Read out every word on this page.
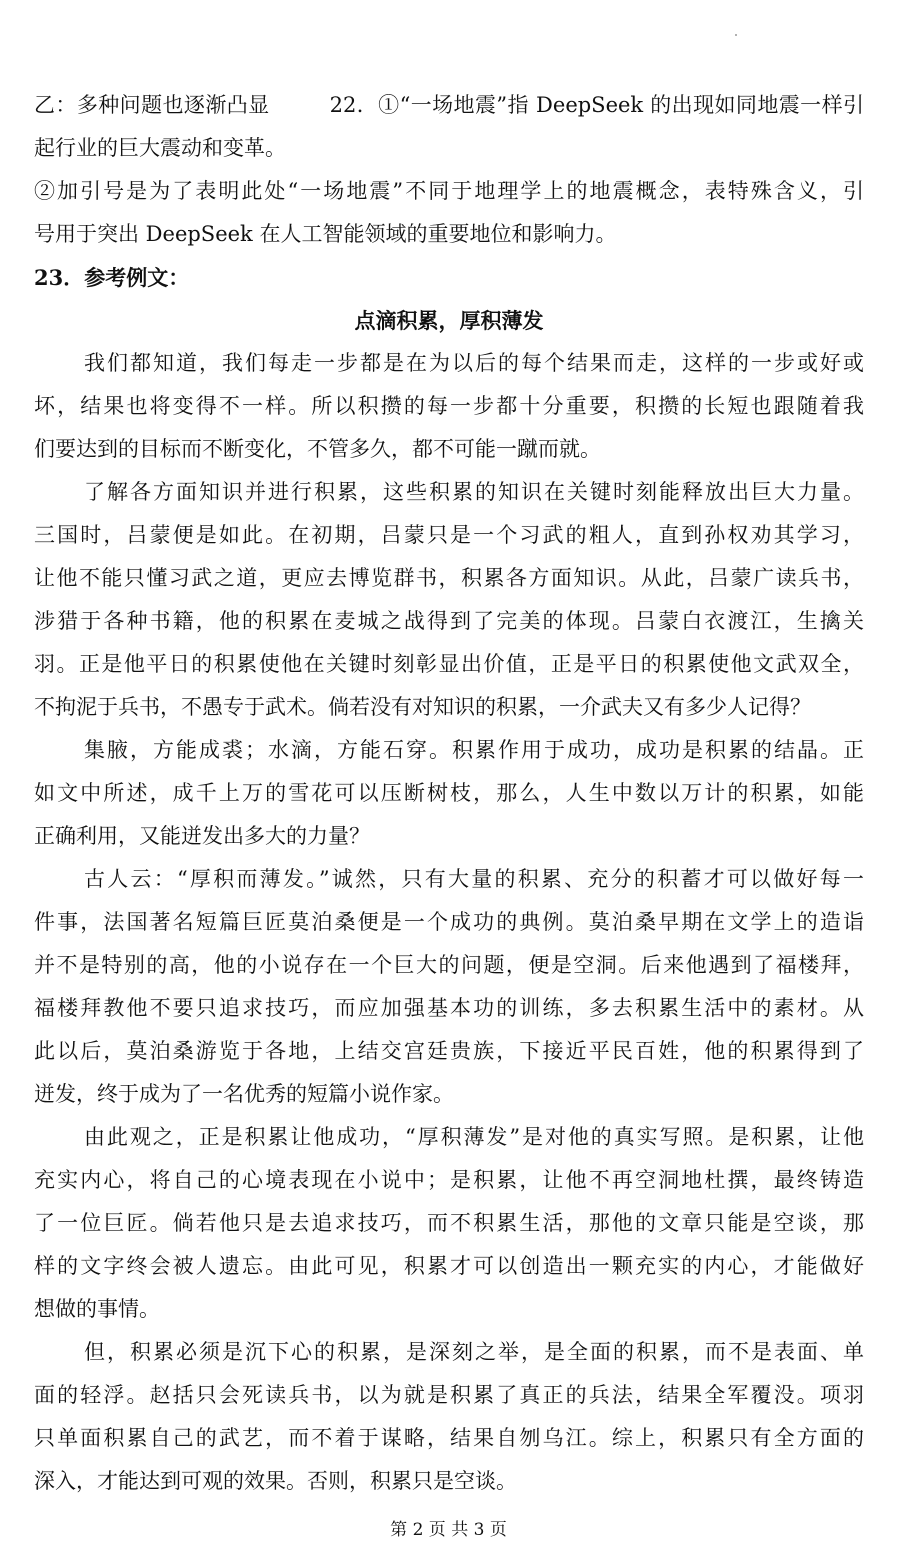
乙：多种问题也逐渐凸显	22．①“一场地震”指 DeepSeek 的出现如同地震一样引
起行业的巨大震动和变革。
②加引号是为了表明此处“一场地震”不同于地理学上的地震概念，表特殊含义，引
号用于突出 DeepSeek 在人工智能领域的重要地位和影响力。
23．参考例文：
点滴积累，厚积薄发
我们都知道，我们每走一步都是在为以后的每个结果而走，这样的一步或好或
坏，结果也将变得不一样。所以积攒的每一步都十分重要，积攒的长短也跟随着我
们要达到的目标而不断变化，不管多久，都不可能一蹴而就。
了解各方面知识并进行积累，这些积累的知识在关键时刻能释放出巨大力量。
三国时，吕蒙便是如此。在初期，吕蒙只是一个习武的粗人，直到孙权劝其学习，
让他不能只懂习武之道，更应去博览群书，积累各方面知识。从此，吕蒙广读兵书，
涉猎于各种书籍，他的积累在麦城之战得到了完美的体现。吕蒙白衣渡江，生擒关
羽。正是他平日的积累使他在关键时刻彰显出价值，正是平日的积累使他文武双全，
不拘泥于兵书，不愚专于武术。倘若没有对知识的积累，一介武夫又有多少人记得？
集腋，方能成裘；水滴，方能石穿。积累作用于成功，成功是积累的结晶。正
如文中所述，成千上万的雪花可以压断树枝，那么，人生中数以万计的积累，如能
正确利用，又能迸发出多大的力量？
古人云：“厚积而薄发。”诚然，只有大量的积累、充分的积蓄才可以做好每一
件事，法国著名短篇巨匠莫泊桑便是一个成功的典例。莫泊桑早期在文学上的造诣
并不是特别的高，他的小说存在一个巨大的问题，便是空洞。后来他遇到了福楼拜，
福楼拜教他不要只追求技巧，而应加强基本功的训练，多去积累生活中的素材。从
此以后，莫泊桑游览于各地，上结交宫廷贵族，下接近平民百姓，他的积累得到了
迸发，终于成为了一名优秀的短篇小说作家。
由此观之，正是积累让他成功，“厚积薄发”是对他的真实写照。是积累，让他
充实内心，将自己的心境表现在小说中；是积累，让他不再空洞地杜撰，最终铸造
了一位巨匠。倘若他只是去追求技巧，而不积累生活，那他的文章只能是空谈，那
样的文字终会被人遗忘。由此可见，积累才可以创造出一颗充实的内心，才能做好
想做的事情。
但，积累必须是沉下心的积累，是深刻之举，是全面的积累，而不是表面、单
面的轻浮。赵括只会死读兵书，以为就是积累了真正的兵法，结果全军覆没。项羽
只单面积累自己的武艺，而不着于谋略，结果自刎乌江。综上，积累只有全方面的
深入，才能达到可观的效果。否则，积累只是空谈。
第 2 页 共 3 页
